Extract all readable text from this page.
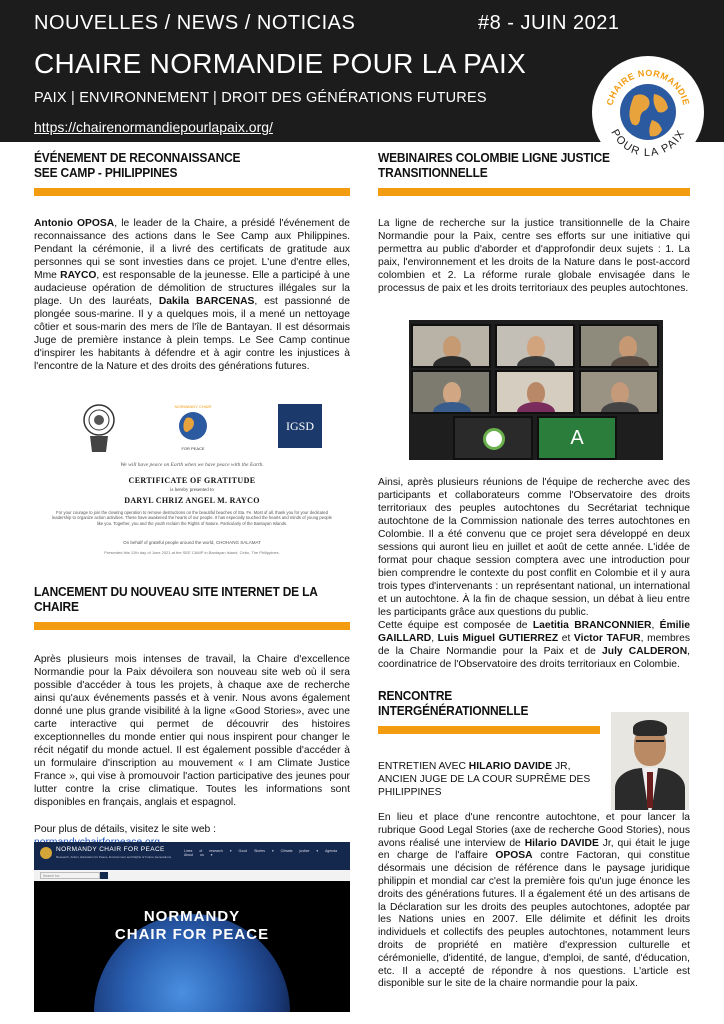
NOUVELLES / NEWS / NOTICIAS	#8 - JUIN 2021
CHAIRE NORMANDIE POUR LA PAIX
PAIX | ENVIRONNEMENT | DROIT DES GÉNÉRATIONS FUTURES
https://chairenormandiepourlapaix.org/
CHAIRE NORMANDIE
POUR LA PAIX
ÉVÉNEMENT DE RECONNAISSANCE
SEE CAMP - PHILIPPINES

Antonio OPOSA, le leader de la Chaire, a présidé l'événement de reconnaissance des actions dans le See Camp aux Philippines. Pendant la cérémonie, il a livré des certificats de gratitude aux personnes qui se sont investies dans ce projet. L'une d'entre elles, Mme RAYCO, est responsable de la jeunesse. Elle a participé à une audacieuse opération de démolition de structures illégales sur la plage. Un des lauréats, Dakila BARCENAS, est passionné de plongée sous-marine. Il y a quelques mois, il a mené un nettoyage côtier et sous-marin des mers de l'île de Bantayan. Il est désormais Juge de première instance à plein temps. Le See Camp continue d'inspirer les habitants à défendre et à agir contre les injustices à l'encontre de la Nature et des droits des générations futures.

NORMANDY CHAIR
FOR PEACE
IGSD
We will have peace on Earth when we have peace with the Earth.
CERTIFICATE OF GRATITUDE
is hereby presented to
DARYL CHRIZ ANGEL M. RAYCO
For your courage to join the clearing operation to remove destructions on the beautiful beaches of Sta. Fe. Most of all, thank you for your dedicated leadership to organize action activities. These have awakened the hearts of our people. It has especially touched the hearts and minds of young people like you. Together, you and the youth reclaim the Rights of Nature. Particularly of the Bantayan Islands.
On behalf of grateful people around the world, CHOHANG SALAMAT
Presented this 12th day of June 2021 at the SEE CAMP in Bantayan Island, Cebu, The Philippines.
LANCEMENT DU NOUVEAU SITE INTERNET DE LA CHAIRE

Après plusieurs mois intenses de travail, la Chaire d'excellence Normandie pour la Paix dévoilera son nouveau site web où il sera possible d'accéder à tous les projets, à chaque axe de recherche ainsi qu'aux événements passés et à venir. Nous avons également donné une plus grande visibilité à la ligne «Good Stories», avec une carte interactive qui permet de découvrir des histoires exceptionnelles du monde entier qui nous inspirent pour changer le récit négatif du monde actuel. Il est également possible d'accéder à un formulaire d'inscription au mouvement « I am Climate Justice France », qui vise à promouvoir l'action participative des jeunes pour lutter contre la crise climatique. Toutes les informations sont disponibles en français, anglais et espagnol.

Pour plus de détails, visitez le site web :

NORMANDY CHAIR FOR PEACE
Research, Action, Education for Peace, Environment and Rights of Future Generations
Lines of research ▾ Good Stories ▾ Climate justice ▾ Agenda About us ▾
Search for:
NORMANDY
CHAIR FOR PEACE
WEBINAIRES COLOMBIE LIGNE JUSTICE
TRANSITIONNELLE

La ligne de recherche sur la justice transitionnelle de la Chaire Normandie pour la Paix, centre ses efforts sur une initiative qui permettra au public d'aborder et d'approfondir deux sujets : 1. La paix, l'environnement et les droits de la Nature dans le post-accord colombien et 2. La réforme rurale globale envisagée dans le processus de paix et les droits territoriaux des peuples autochtones.

A

Ainsi, après plusieurs réunions de l'équipe de recherche avec des participants et collaborateurs comme l'Observatoire des droits territoriaux des peuples autochtones du Secrétariat technique autochtone de la Commission nationale des terres autochtones en Colombie. Il a été convenu que ce projet sera développé en deux sessions qui auront lieu en juillet et août de cette année. L'idée de format pour chaque session comptera avec une introduction pour bien comprendre le contexte du post conflit en Colombie et il y aura trois types d'intervenants : un représentant national, un international et un autochtone. À la fin de chaque session, un débat à lieu entre les participants grâce aux questions du public.

Cette équipe est composée de Laetitia BRANCONNIER, Émilie GAILLARD, Luis Miguel GUTIERREZ et Victor TAFUR, membres de la Chaire Normandie pour la Paix et de July CALDERON, coordinatrice de l'Observatoire des droits territoriaux en Colombie.

RENCONTRE INTERGÉNÉRATIONNELLE

ENTRETIEN AVEC HILARIO DAVIDE JR, ANCIEN JUGE DE LA COUR SUPRÊME DES PHILIPPINES

En lieu et place d'une rencontre autochtone, et pour lancer la rubrique Good Legal Stories (axe de recherche Good Stories), nous avons réalisé une interview de Hilario DAVIDE Jr, qui était le juge en charge de l'affaire OPOSA contre Factoran, qui constitue désormais une décision de référence dans le paysage juridique philippin et mondial car c'est la première fois qu'un juge énonce les droits des générations futures. Il a également été un des artisans de la Déclaration sur les droits des peuples autochtones, adoptée par les Nations unies en 2007. Elle délimite et définit les droits individuels et collectifs des peuples autochtones, notamment leurs droits de propriété en matière d'expression culturelle et cérémonielle, d'identité, de langue, d'emploi, de santé, d'éducation, etc. Il a accepté de répondre à nos questions. L'article est disponible sur le site de la chaire normandie pour la paix.
